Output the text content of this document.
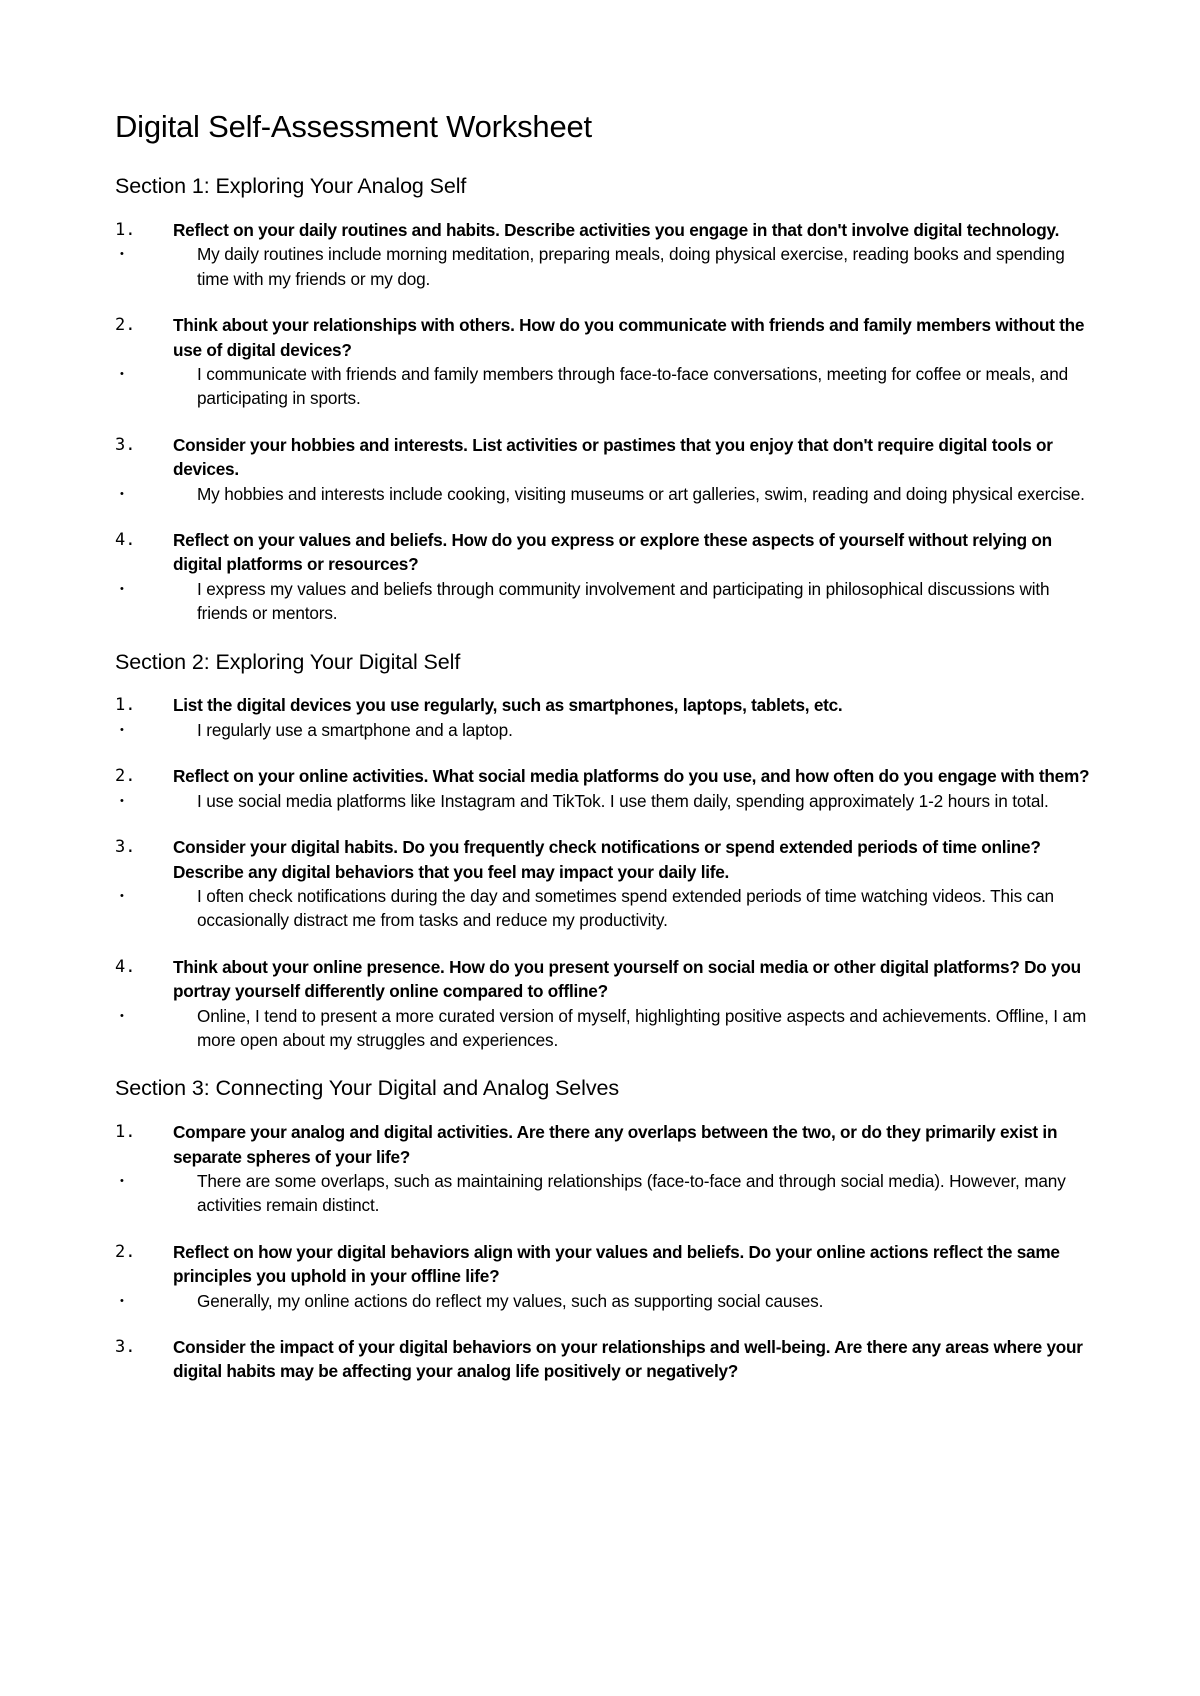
Digital Self-Assessment Worksheet
Section 1: Exploring Your Analog Self
1.	Reflect on your daily routines and habits. Describe activities you engage in that don't involve digital technology.
•	My daily routines include morning meditation, preparing meals, doing physical exercise, reading books and spending time with my friends or my dog.
2.	Think about your relationships with others. How do you communicate with friends and family members without the use of digital devices?
•	I communicate with friends and family members through face-to-face conversations, meeting for coffee or meals, and participating in sports.
3.	Consider your hobbies and interests. List activities or pastimes that you enjoy that don't require digital tools or devices.
•	My hobbies and interests include cooking, visiting museums or art galleries, swim, reading and doing physical exercise.
4.	Reflect on your values and beliefs. How do you express or explore these aspects of yourself without relying on digital platforms or resources?
•	I express my values and beliefs through community involvement and participating in philosophical discussions with friends or mentors.
Section 2: Exploring Your Digital Self
1.	List the digital devices you use regularly, such as smartphones, laptops, tablets, etc.
•	I regularly use a smartphone and a laptop.
2.	Reflect on your online activities. What social media platforms do you use, and how often do you engage with them?
•	I use social media platforms like Instagram and TikTok. I use them daily, spending approximately 1-2 hours in total.
3.	Consider your digital habits. Do you frequently check notifications or spend extended periods of time online? Describe any digital behaviors that you feel may impact your daily life.
•	I often check notifications during the day and sometimes spend extended periods of time watching videos. This can occasionally distract me from tasks and reduce my productivity.
4.	Think about your online presence. How do you present yourself on social media or other digital platforms? Do you portray yourself differently online compared to offline?
•	Online, I tend to present a more curated version of myself, highlighting positive aspects and achievements. Offline, I am more open about my struggles and experiences.
Section 3: Connecting Your Digital and Analog Selves
1.	Compare your analog and digital activities. Are there any overlaps between the two, or do they primarily exist in separate spheres of your life?
•	There are some overlaps, such as maintaining relationships (face-to-face and through social media). However, many activities remain distinct.
2.	Reflect on how your digital behaviors align with your values and beliefs. Do your online actions reflect the same principles you uphold in your offline life?
•	Generally, my online actions do reflect my values, such as supporting social causes.
3.	Consider the impact of your digital behaviors on your relationships and well-being. Are there any areas where your digital habits may be affecting your analog life positively or negatively?
